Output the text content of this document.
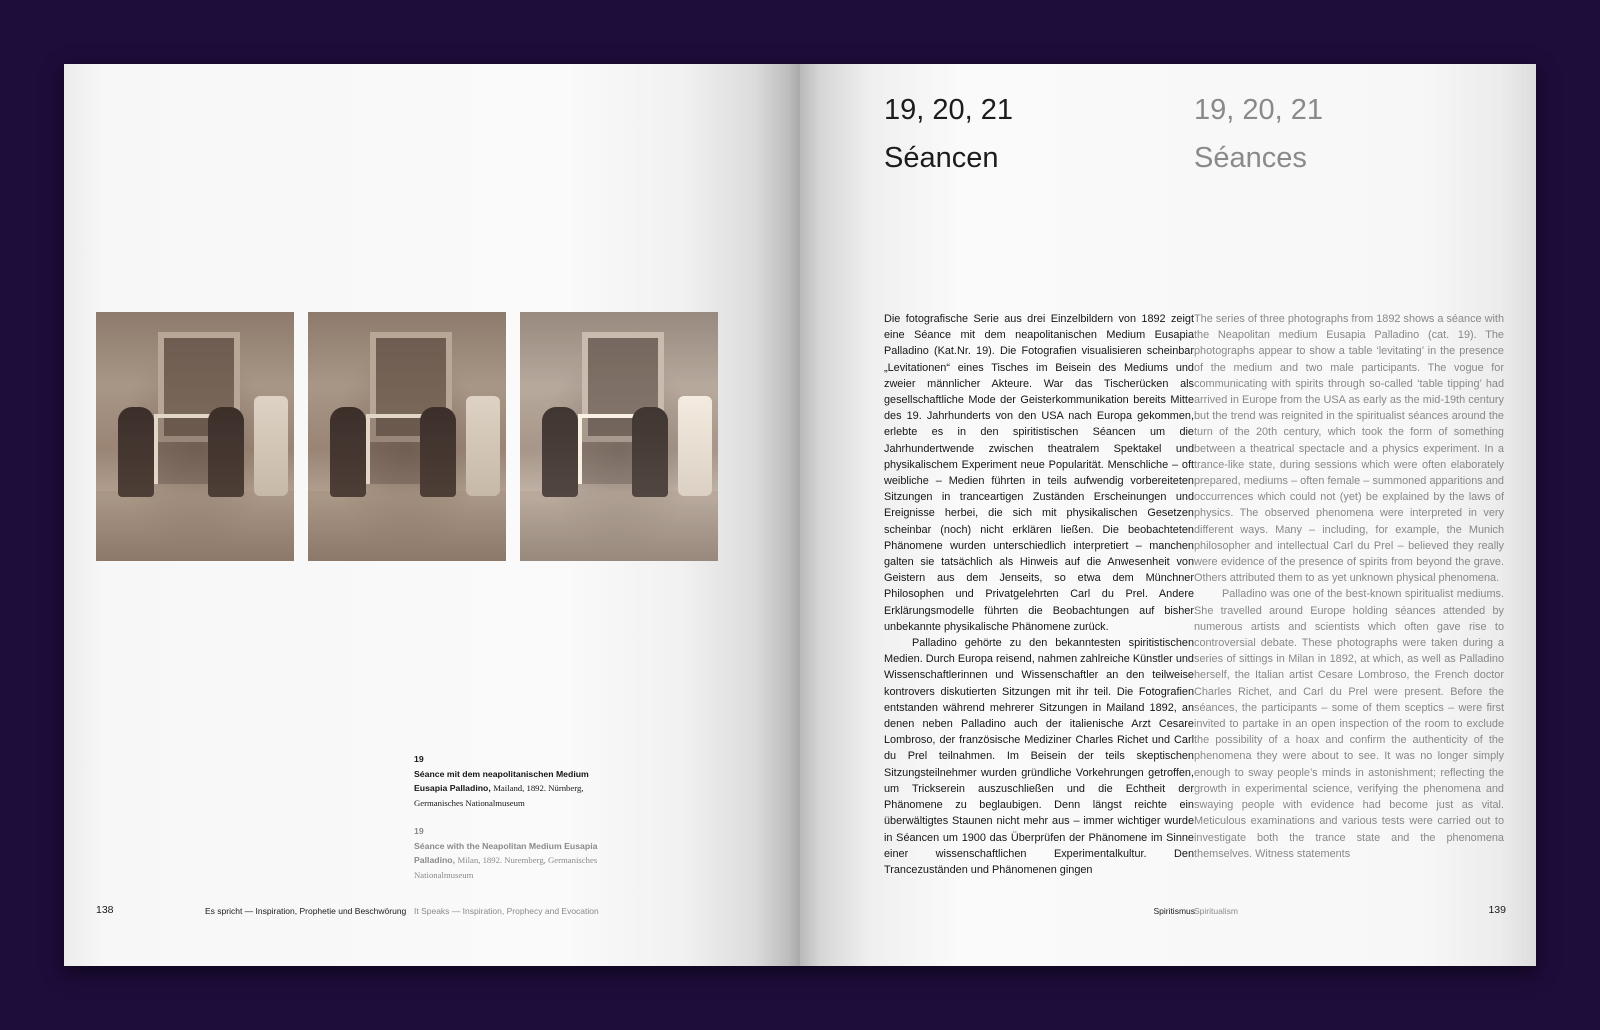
19
Séance mit dem neapolitanischen Medium Eusapia Palladino, Mailand, 1892. Nürnberg, Germanisches Nationalmuseum
19
Séance with the Neapolitan Medium Eusapia Palladino, Milan, 1892. Nuremberg, Germanisches Nationalmuseum
138	Es spricht — Inspiration, Prophetie und Beschwörung It Speaks — Inspiration, Prophecy and Evocation
19, 20, 21
Séancen
19, 20, 21
Séances

Die fotografische Serie aus drei Einzelbildern von 1892 zeigt eine Séance mit dem neapolitanischen Medium Eusapia Palladino (Kat.Nr. 19). Die Fotografien visualisieren scheinbar „Levitationen“ eines Tisches im Beisein des Mediums und zweier männlicher Akteure. War das Tischerücken als gesellschaftliche Mode der Geisterkommunikation bereits Mitte des 19. Jahrhunderts von den USA nach Europa gekommen, erlebte es in den spiritistischen Séancen um die Jahrhundertwende zwischen theatralem Spektakel und physikalischem Experiment neue Popularität. Menschliche – oft weibliche – Medien führten in teils aufwendig vorbereiteten Sitzungen in tranceartigen Zuständen Erscheinungen und Ereignisse herbei, die sich mit physikalischen Gesetzen scheinbar (noch) nicht erklären ließen. Die beobachteten Phänomene wurden unterschiedlich interpretiert – manchen galten sie tatsächlich als Hinweis auf die Anwesenheit von Geistern aus dem Jenseits, so etwa dem Münchner Philosophen und Privatgelehrten Carl du Prel. Andere Erklärungsmodelle führten die Beobachtungen auf bisher unbekannte physikalische Phänomene zurück.

Palladino gehörte zu den bekanntesten spiritistischen Medien. Durch Europa reisend, nahmen zahlreiche Künstler und Wissenschaftlerinnen und Wissenschaftler an den teilweise kontrovers diskutierten Sitzungen mit ihr teil. Die Fotografien entstanden während mehrerer Sitzungen in Mailand 1892, an denen neben Palladino auch der italienische Arzt Cesare Lombroso, der französische Mediziner Charles Richet und Carl du Prel teilnahmen. Im Beisein der teils skeptischen Sitzungsteilnehmer wurden gründliche Vorkehrungen getroffen, um Trickserein auszuschließen und die Echtheit der Phänomene zu beglaubigen. Denn längst reichte ein überwältigtes Staunen nicht mehr aus – immer wichtiger wurde in Séancen um 1900 das Überprüfen der Phänomene im Sinne einer wissenschaftlichen Experimentalkultur. Den Trancezuständen und Phänomenen gingen

The series of three photographs from 1892 shows a séance with the Neapolitan medium Eusapia Palladino (cat. 19). The photographs appear to show a table ‘levitating’ in the presence of the medium and two male participants. The vogue for communicating with spirits through so-called ‘table tipping’ had arrived in Europe from the USA as early as the mid-19th century but the trend was reignited in the spiritualist séances around the turn of the 20th century, which took the form of something between a theatrical spectacle and a physics experiment. In a trance-like state, during sessions which were often elaborately prepared, mediums – often female – summoned apparitions and occurrences which could not (yet) be explained by the laws of physics. The observed phenomena were interpreted in very different ways. Many – including, for example, the Munich philosopher and intellectual Carl du Prel – believed they really were evidence of the presence of spirits from beyond the grave. Others attributed them to as yet unknown physical phenomena.

Palladino was one of the best-known spiritualist mediums. She travelled around Europe holding séances attended by numerous artists and scientists which often gave rise to controversial debate. These photographs were taken during a series of sittings in Milan in 1892, at which, as well as Palladino herself, the Italian artist Cesare Lombroso, the French doctor Charles Richet, and Carl du Prel were present. Before the séances, the participants – some of them sceptics – were first invited to partake in an open inspection of the room to exclude the possibility of a hoax and confirm the authenticity of the phenomena they were about to see. It was no longer simply enough to sway people’s minds in astonishment; reflecting the growth in experimental science, verifying the phenomena and swaying people with evidence had become just as vital. Meticulous examinations and various tests were carried out to investigate both the trance state and the phenomena themselves. Witness statements

Spiritismus Spiritualism	139
